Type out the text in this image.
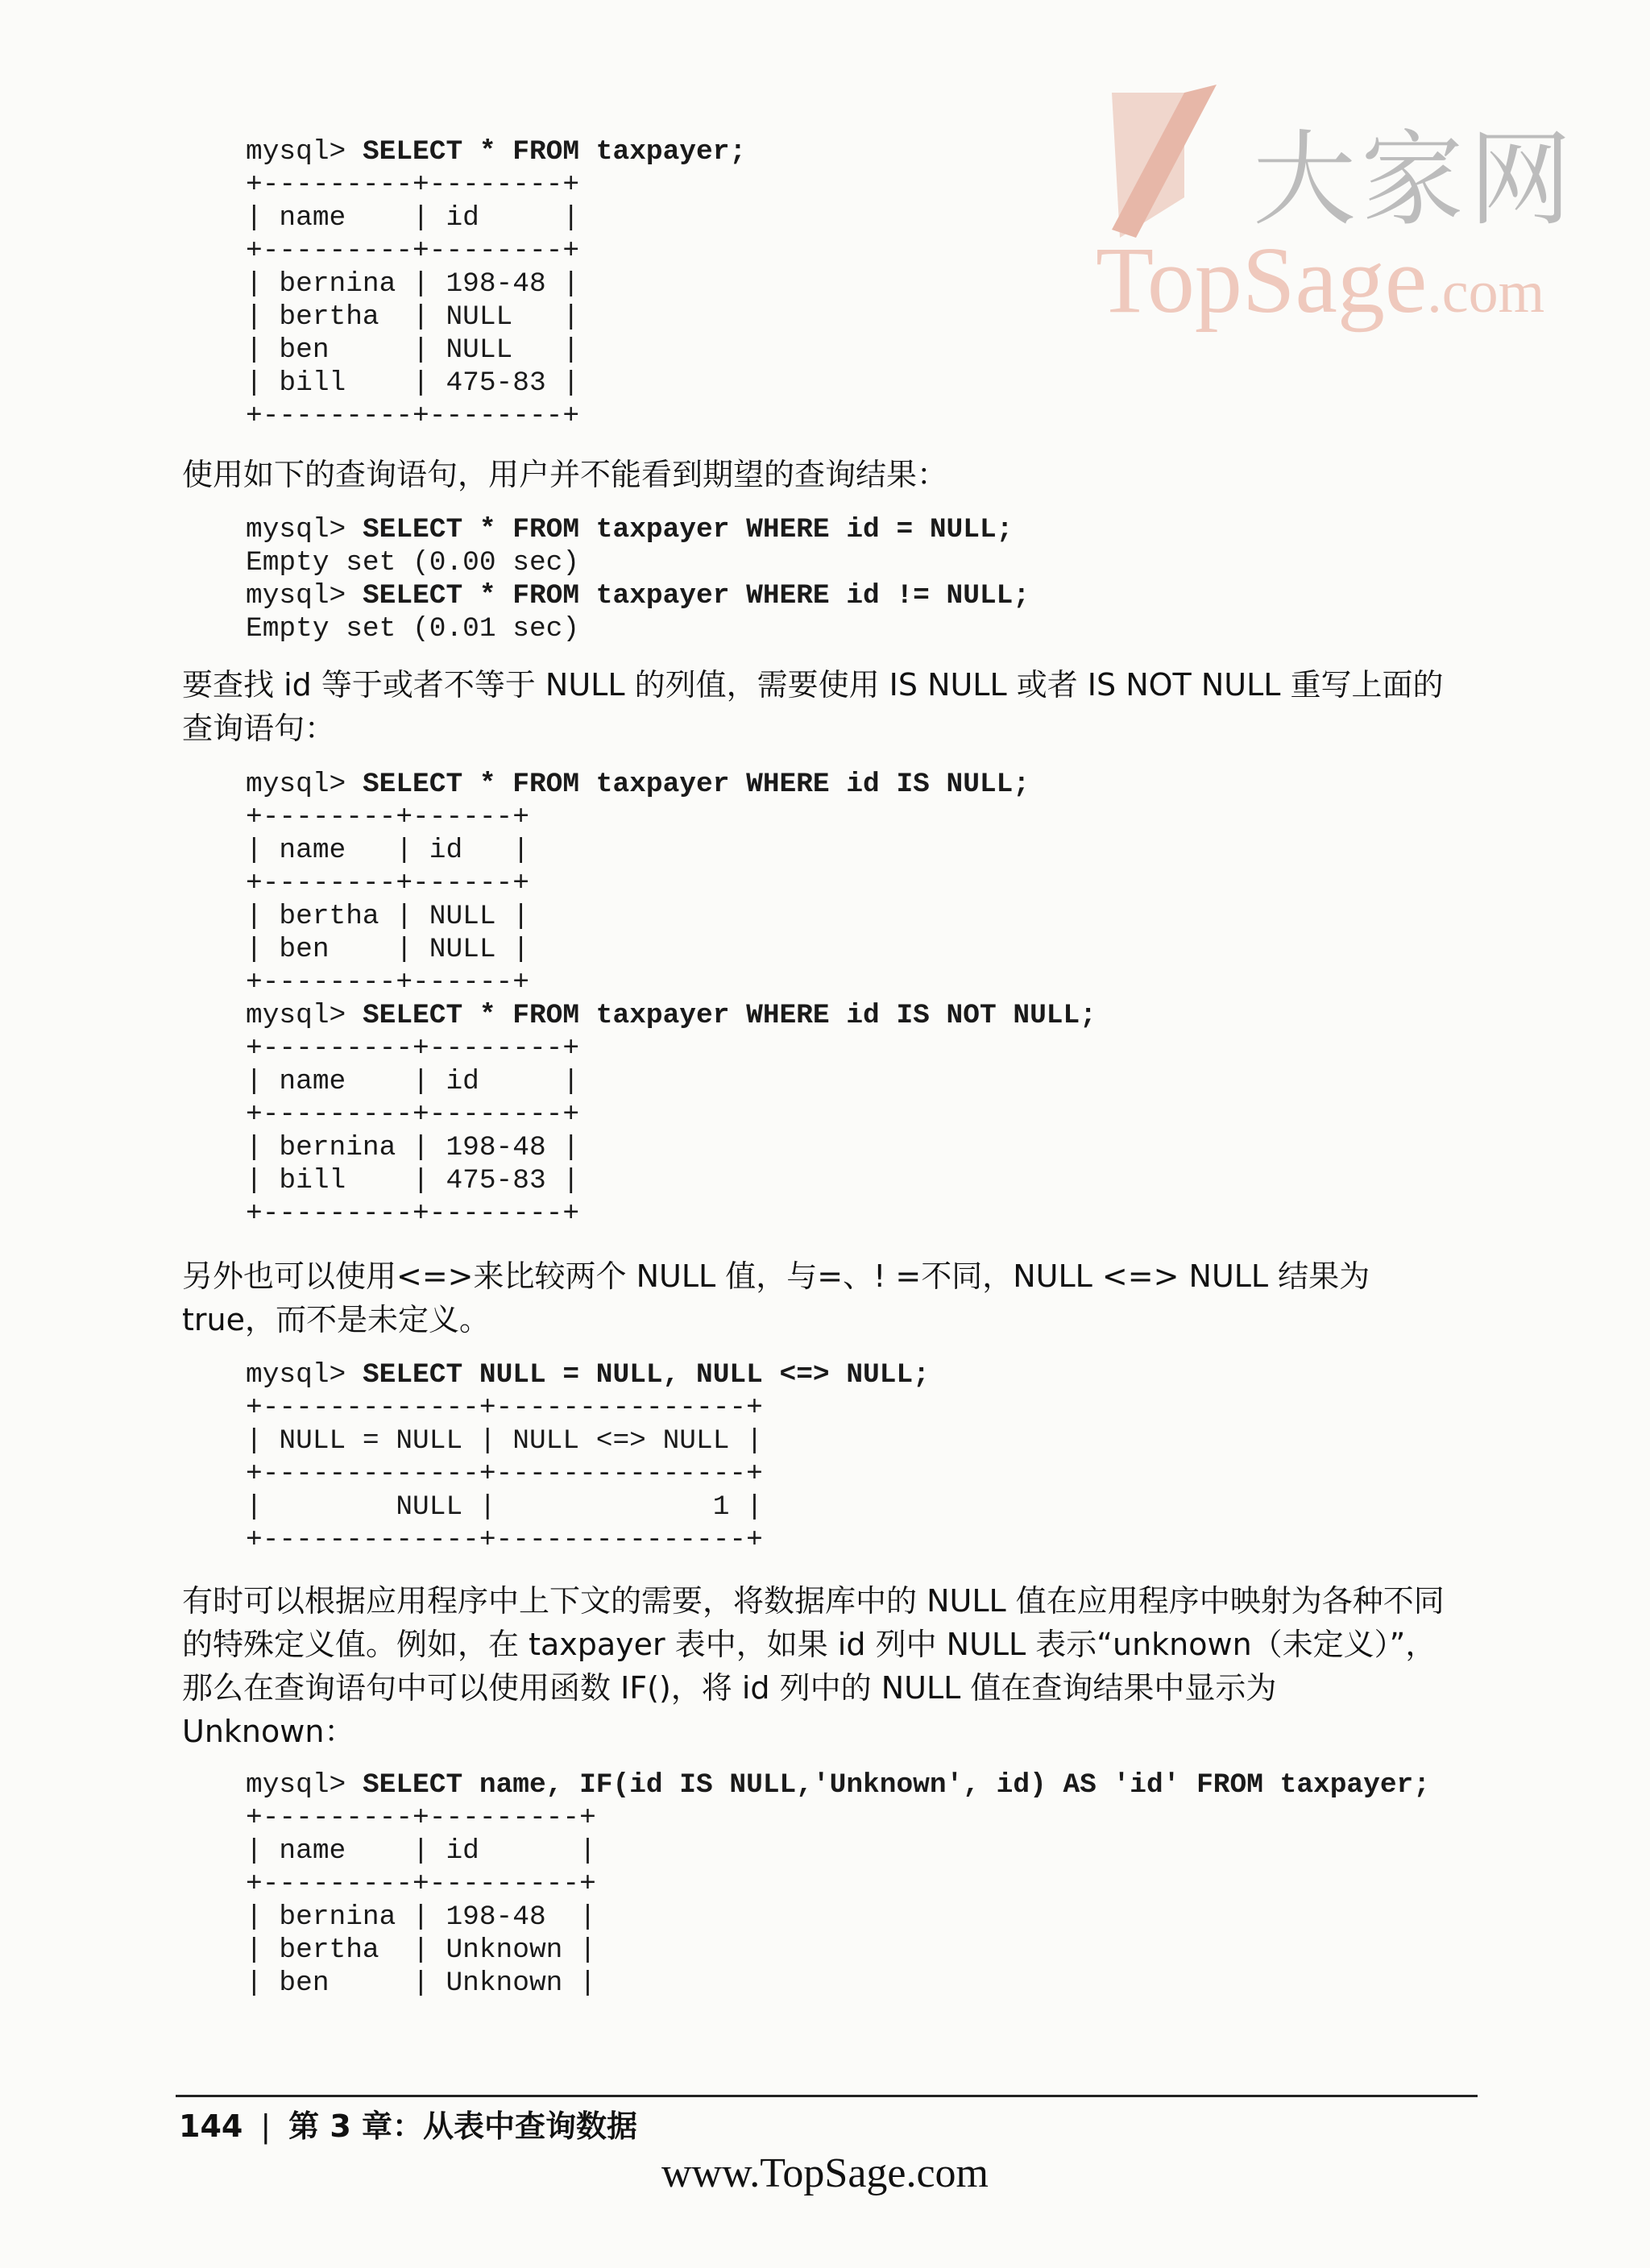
大家网
TopSage.com
mysql> SELECT * FROM taxpayer;
+---------+--------+
| name    | id     |
+---------+--------+
| bernina | 198-48 |
| bertha  | NULL   |
| ben     | NULL   |
| bill    | 475-83 |
+---------+--------+

使用如下的查询语句，用户并不能看到期望的查询结果：

mysql> SELECT * FROM taxpayer WHERE id = NULL;
Empty set (0.00 sec)
mysql> SELECT * FROM taxpayer WHERE id != NULL;
Empty set (0.01 sec)

要查找 id 等于或者不等于 NULL 的列值，需要使用 IS NULL 或者 IS NOT NULL 重写上面的查询语句：

mysql> SELECT * FROM taxpayer WHERE id IS NULL;
+--------+------+
| name   | id   |
+--------+------+
| bertha | NULL |
| ben    | NULL |
+--------+------+
mysql> SELECT * FROM taxpayer WHERE id IS NOT NULL;
+---------+--------+
| name    | id     |
+---------+--------+
| bernina | 198-48 |
| bill    | 475-83 |
+---------+--------+

另外也可以使用<=>来比较两个 NULL 值，与=、! =不同，NULL <=> NULL 结果为 true，而不是未定义。

mysql> SELECT NULL = NULL, NULL <=> NULL;
+-------------+---------------+
| NULL = NULL | NULL <=> NULL |
+-------------+---------------+
|        NULL |             1 |
+-------------+---------------+

有时可以根据应用程序中上下文的需要，将数据库中的 NULL 值在应用程序中映射为各种不同的特殊定义值。例如，在 taxpayer 表中，如果 id 列中 NULL 表示“unknown（未定义）”，那么在查询语句中可以使用函数 IF()，将 id 列中的 NULL 值在查询结果中显示为 Unknown：

mysql> SELECT name, IF(id IS NULL,'Unknown', id) AS 'id' FROM taxpayer;
+---------+---------+
| name    | id      |
+---------+---------+
| bernina | 198-48  |
| bertha  | Unknown |
| ben     | Unknown |
144 | 第 3 章：从表中查询数据
www.TopSage.com
